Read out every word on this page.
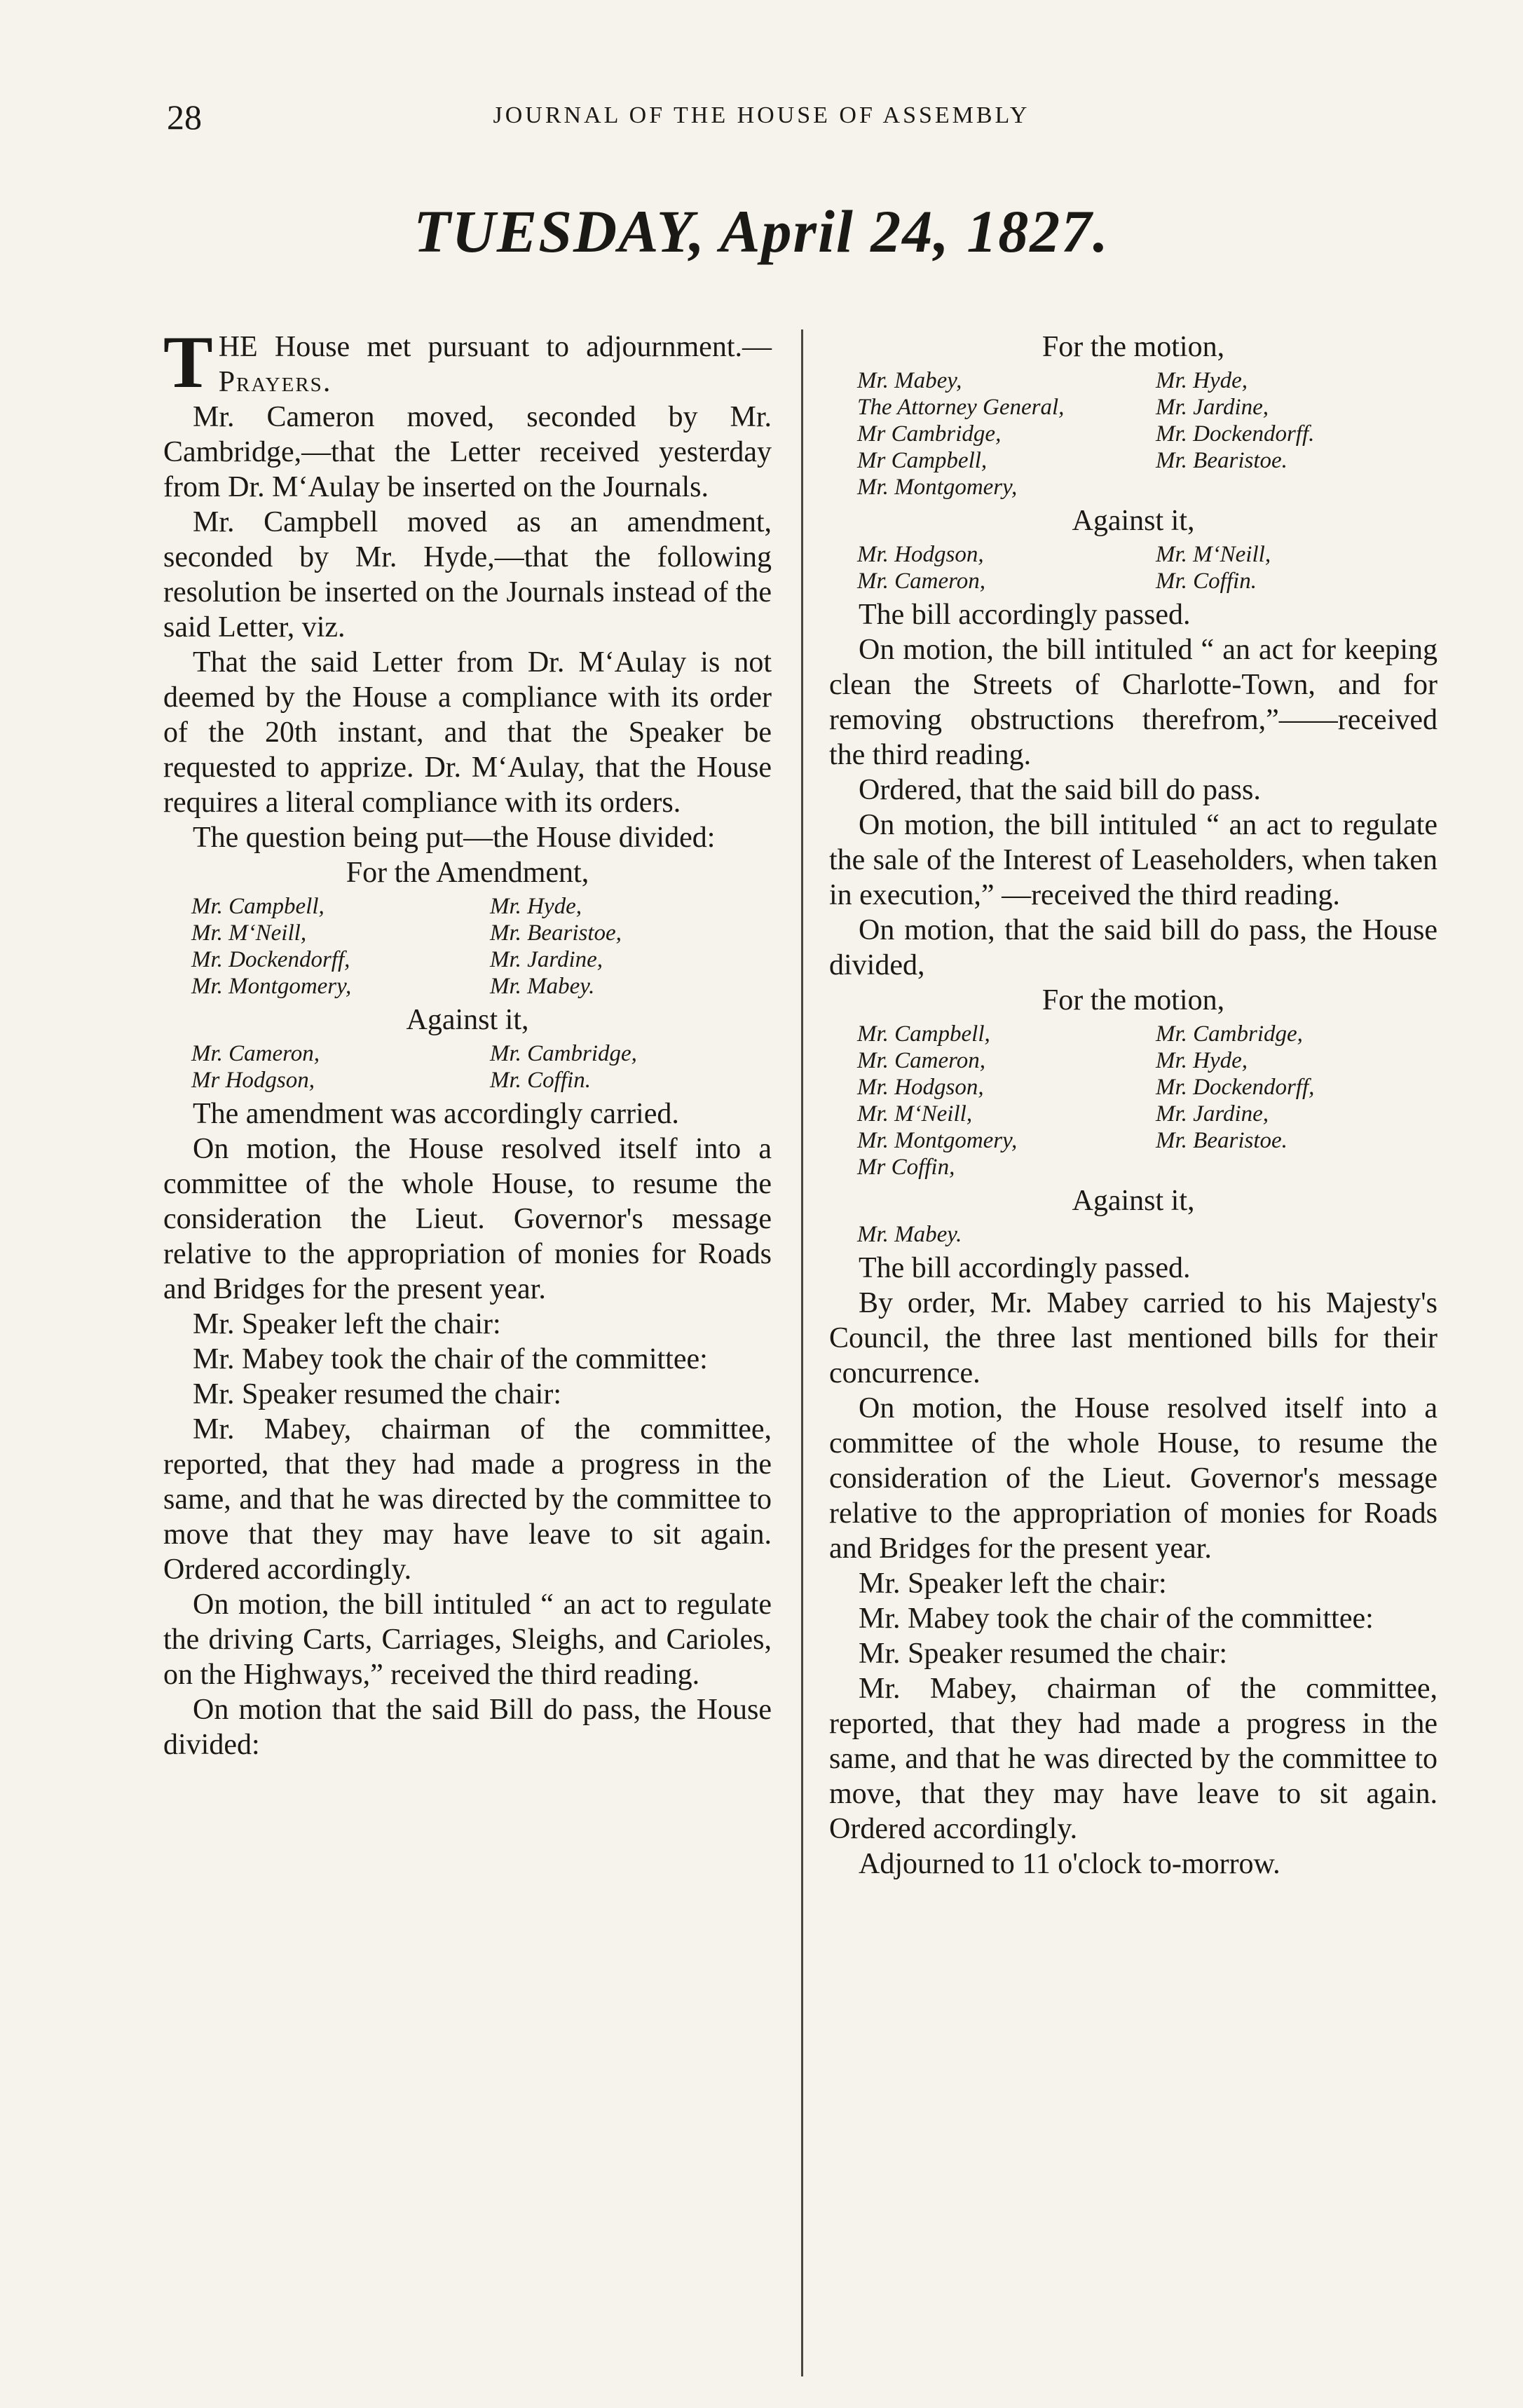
28	JOURNAL OF THE HOUSE OF ASSEMBLY
TUESDAY, April 24, 1827.

THE House met pursuant to adjournment.—Prayers.

Mr. Cameron moved, seconded by Mr. Cambridge,—that the Letter received yesterday from Dr. M‘Aulay be inserted on the Journals.

Mr. Campbell moved as an amendment, seconded by Mr. Hyde,—that the following resolution be inserted on the Journals instead of the said Letter, viz.

That the said Letter from Dr. M‘Aulay is not deemed by the House a compliance with its order of the 20th instant, and that the Speaker be requested to apprize. Dr. M‘Aulay, that the House requires a literal compliance with its orders.

The question being put—the House divided:

For the Amendment,

Mr. Campbell,	Mr. Hyde,
Mr. M‘Neill,	Mr. Bearistoe,
Mr. Dockendorff,	Mr. Jardine,
Mr. Montgomery,	Mr. Mabey.

Against it,

Mr. Cameron,	Mr. Cambridge,
Mr Hodgson,	Mr. Coffin.

The amendment was accordingly carried.

On motion, the House resolved itself into a committee of the whole House, to resume the consideration the Lieut. Governor's message relative to the appropriation of monies for Roads and Bridges for the present year.

Mr. Speaker left the chair:

Mr. Mabey took the chair of the committee:

Mr. Speaker resumed the chair:

Mr. Mabey, chairman of the committee, reported, that they had made a progress in the same, and that he was directed by the committee to move that they may have leave to sit again. Ordered accordingly.

On motion, the bill intituled “ an act to regulate the driving Carts, Carriages, Sleighs, and Carioles, on the Highways,” received the third reading.

On motion that the said Bill do pass, the House divided:

For the motion,

Mr. Mabey,	Mr. Hyde,
The Attorney General,	Mr. Jardine,
Mr Cambridge,	Mr. Dockendorff.
Mr Campbell,	Mr. Bearistoe.
Mr. Montgomery,

Against it,

Mr. Hodgson,	Mr. M‘Neill,
Mr. Cameron,	Mr. Coffin.

The bill accordingly passed.

On motion, the bill intituled “ an act for keeping clean the Streets of Charlotte-Town, and for removing obstructions therefrom,”——received the third reading.

Ordered, that the said bill do pass.

On motion, the bill intituled “ an act to regulate the sale of the Interest of Leaseholders, when taken in execution,” —received the third reading.

On motion, that the said bill do pass, the House divided,

For the motion,

Mr. Campbell,	Mr. Cambridge,
Mr. Cameron,	Mr. Hyde,
Mr. Hodgson,	Mr. Dockendorff,
Mr. M‘Neill,	Mr. Jardine,
Mr. Montgomery,	Mr. Bearistoe.
Mr Coffin,

Against it,

Mr. Mabey.

The bill accordingly passed.

By order, Mr. Mabey carried to his Majesty's Council, the three last mentioned bills for their concurrence.

On motion, the House resolved itself into a committee of the whole House, to resume the consideration of the Lieut. Governor's message relative to the appropriation of monies for Roads and Bridges for the present year.

Mr. Speaker left the chair:

Mr. Mabey took the chair of the committee:

Mr. Speaker resumed the chair:

Mr. Mabey, chairman of the committee, reported, that they had made a progress in the same, and that he was directed by the committee to move, that they may have leave to sit again. Ordered accordingly.

Adjourned to 11 o'clock to-morrow.
